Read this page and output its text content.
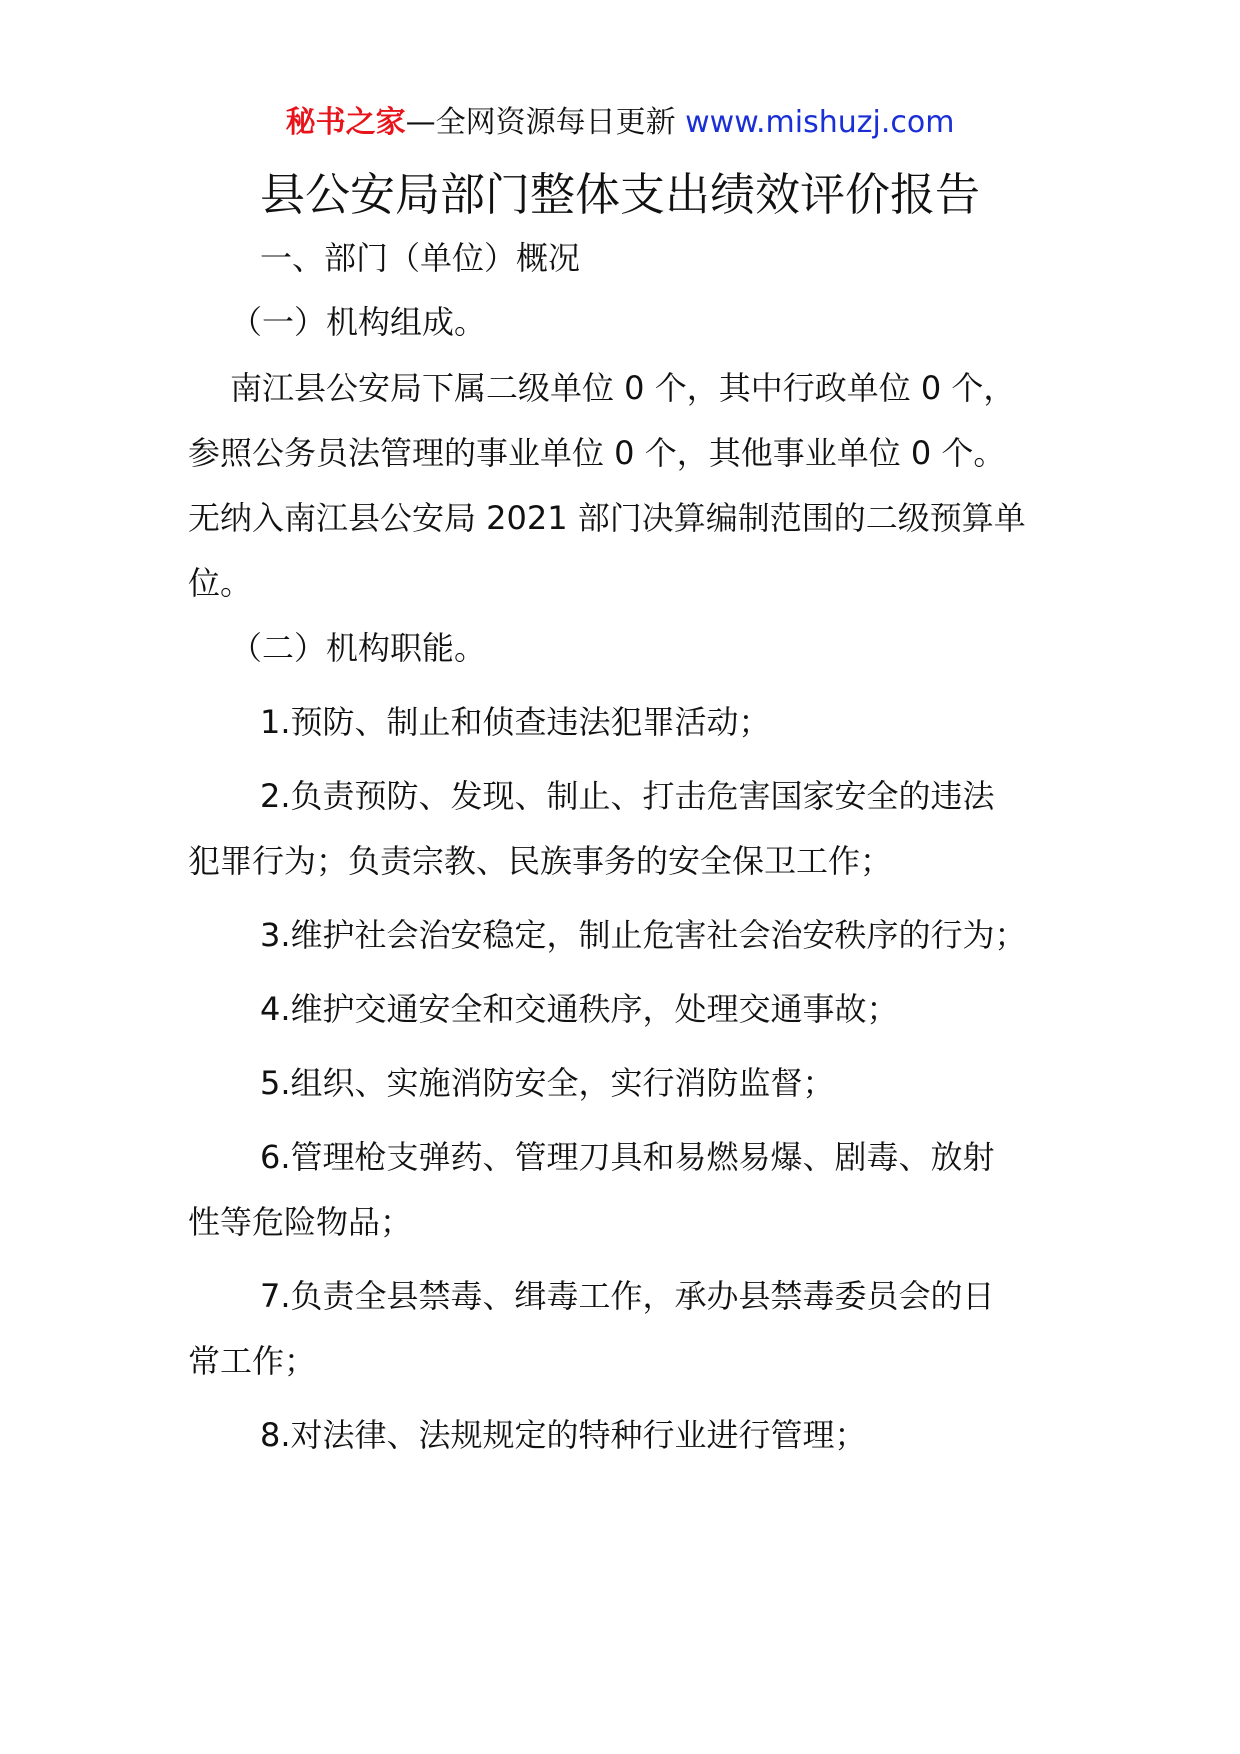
秘书之家—全网资源每日更新 www.mishuzj.com
县公安局部门整体支出绩效评价报告

一、部门（单位）概况

（一）机构组成。

南江县公安局下属二级单位 0 个，其中行政单位 0 个，
参照公务员法管理的事业单位 0 个，其他事业单位 0 个。
无纳入南江县公安局 2021 部门决算编制范围的二级预算单
位。

（二）机构职能。

1.预防、制止和侦查违法犯罪活动；

2.负责预防、发现、制止、打击危害国家安全的违法
犯罪行为；负责宗教、民族事务的安全保卫工作；

3.维护社会治安稳定，制止危害社会治安秩序的行为；

4.维护交通安全和交通秩序，处理交通事故；

5.组织、实施消防安全，实行消防监督；

6.管理枪支弹药、管理刀具和易燃易爆、剧毒、放射
性等危险物品；

7.负责全县禁毒、缉毒工作，承办县禁毒委员会的日
常工作；

8.对法律、法规规定的特种行业进行管理；
